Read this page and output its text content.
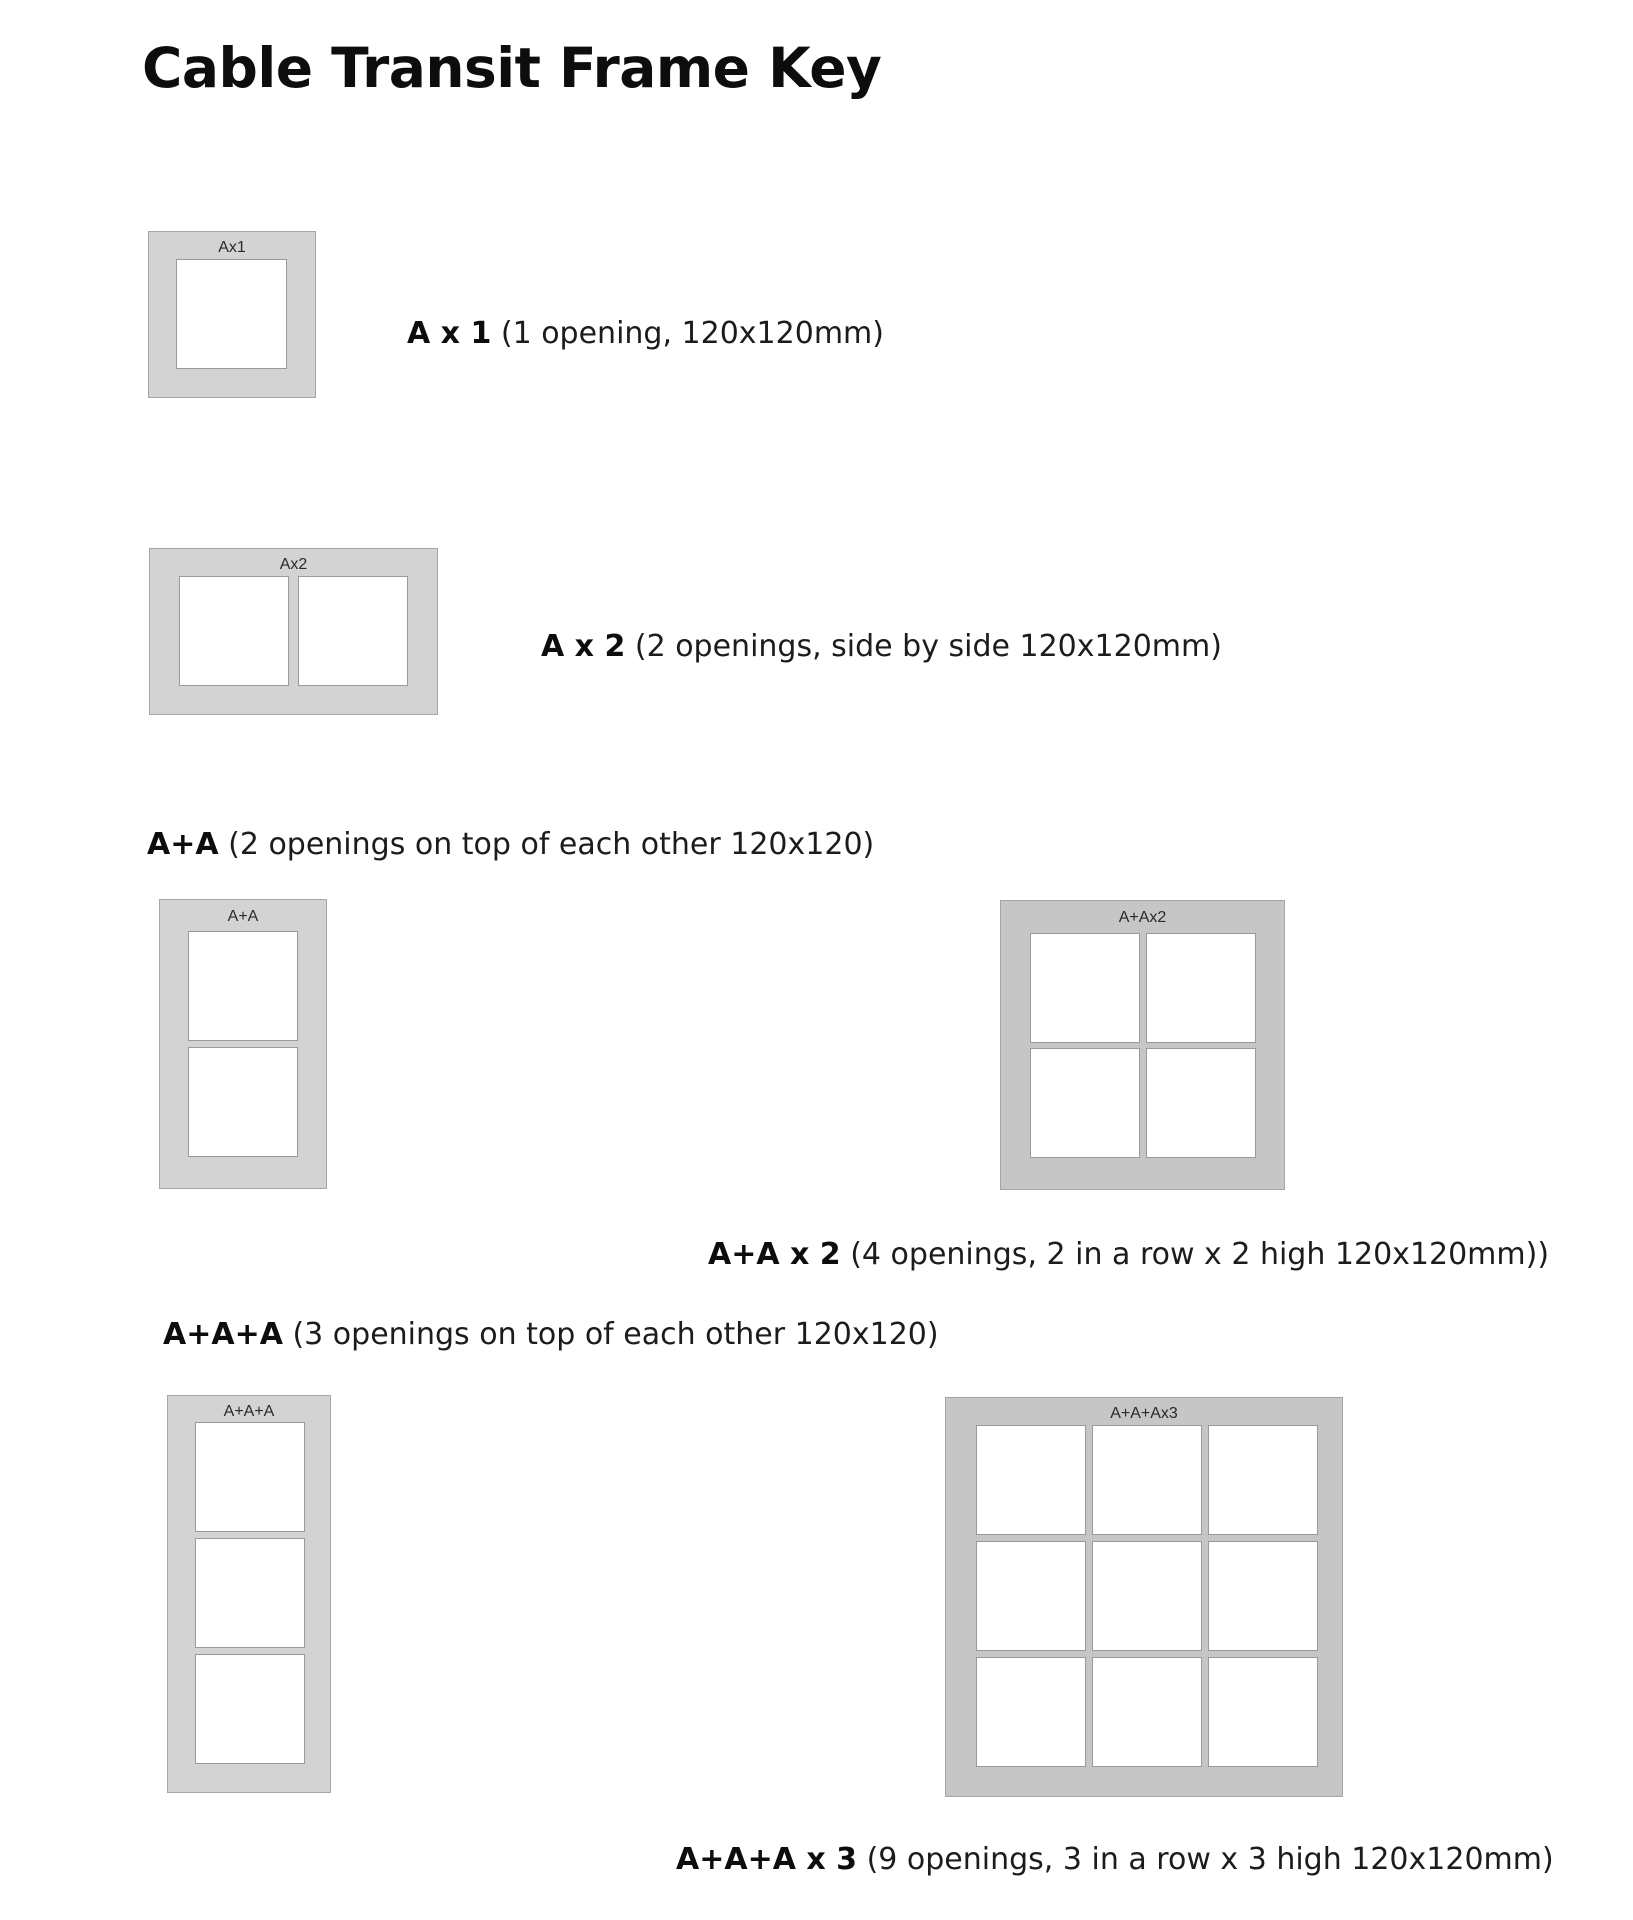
Cable Transit Frame Key
Ax1

A x 1 (1 opening, 120x120mm)

Ax2

A x 2 (2 openings, side by side 120x120mm)

A+A (2 openings on top of each other 120x120)

A+A	A+Ax2

A+A x 2 (4 openings, 2 in a row x 2 high 120x120mm))

A+A+A (3 openings on top of each other 120x120)

A+A+A	A+A+Ax3

A+A+A x 3 (9 openings, 3 in a row x 3 high 120x120mm)
